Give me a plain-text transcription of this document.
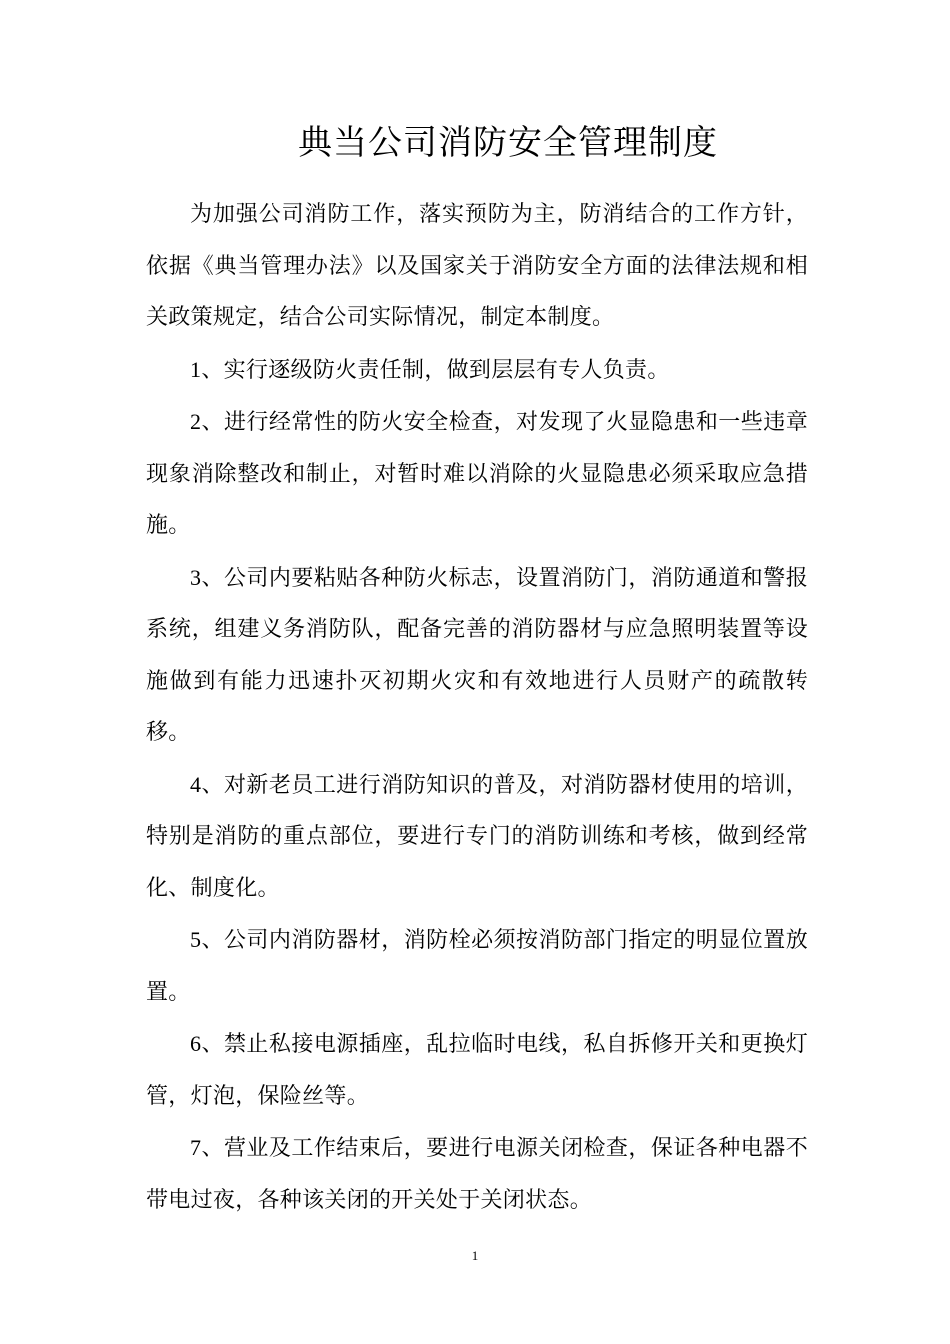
典当公司消防安全管理制度

为加强公司消防工作，落实预防为主，防消结合的工作方针，依据《典当管理办法》以及国家关于消防安全方面的法律法规和相关政策规定，结合公司实际情况，制定本制度。

1、实行逐级防火责任制，做到层层有专人负责。

2、进行经常性的防火安全检查，对发现了火显隐患和一些违章现象消除整改和制止，对暂时难以消除的火显隐患必须采取应急措施。

3、公司内要粘贴各种防火标志，设置消防门，消防通道和警报系统，组建义务消防队，配备完善的消防器材与应急照明装置等设施做到有能力迅速扑灭初期火灾和有效地进行人员财产的疏散转移。

4、对新老员工进行消防知识的普及，对消防器材使用的培训，特别是消防的重点部位，要进行专门的消防训练和考核，做到经常化、制度化。

5、公司内消防器材，消防栓必须按消防部门指定的明显位置放置。

6、禁止私接电源插座，乱拉临时电线，私自拆修开关和更换灯管，灯泡，保险丝等。

7、营业及工作结束后，要进行电源关闭检查，保证各种电器不带电过夜，各种该关闭的开关处于关闭状态。

1
